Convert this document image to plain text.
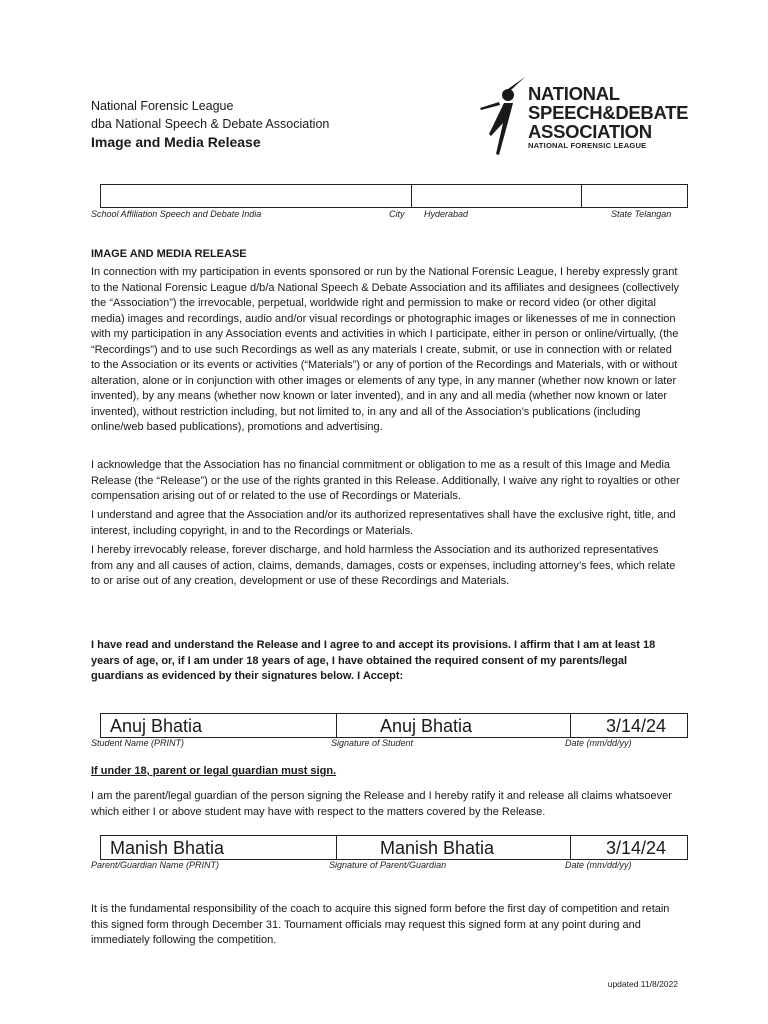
National Forensic League
dba National Speech & Debate Association
Image and Media Release
NATIONAL
SPEECH&DEBATE
ASSOCIATION
NATIONAL FORENSIC LEAGUE
School Affiliation Speech and Debate India	City Hyderabad	State Telangan
IMAGE AND MEDIA RELEASE

In connection with my participation in events sponsored or run by the National Forensic League, I hereby expressly grant to the National Forensic League d/b/a National Speech & Debate Association and its affiliates and designees (collectively the “Association”) the irrevocable, perpetual, worldwide right and permission to make or record video (or other digital media) images and recordings, audio and/or visual recordings or photographic images or likenesses of me in connection with my participation in any Association events and activities in which I participate, either in person or online/virtually, (the “Recordings”) and to use such Recordings as well as any materials I create, submit, or use in connection with or related to the Association or its events or activities (“Materials”) or any of portion of the Recordings and Materials, with or without alteration, alone or in conjunction with other images or elements of any type, in any manner (whether now known or later invented), by any means (whether now known or later invented), and in any and all media (whether now known or later invented), without restriction including, but not limited to, in any and all of the Association’s publications (including online/web based publications), promotions and advertising.

I acknowledge that the Association has no financial commitment or obligation to me as a result of this Image and Media Release (the “Release”) or the use of the rights granted in this Release. Additionally, I waive any right to royalties or other compensation arising out of or related to the use of Recordings or Materials.

I understand and agree that the Association and/or its authorized representatives shall have the exclusive right, title, and interest, including copyright, in and to the Recordings or Materials.

I hereby irrevocably release, forever discharge, and hold harmless the Association and its authorized representatives from any and all causes of action, claims, demands, damages, costs or expenses, including attorney’s fees, which relate to or arise out of any creation, development or use of these Recordings and Materials.

I have read and understand the Release and I agree to and accept its provisions. I affirm that I am at least 18 years of age, or, if I am under 18 years of age, I have obtained the required consent of my parents/legal guardians as evidenced by their signatures below. I Accept:

Anuj Bhatia	Anuj Bhatia	3/14/24
Student Name (PRINT)	Signature of Student	Date (mm/dd/yy)
If under 18, parent or legal guardian must sign.

I am the parent/legal guardian of the person signing the Release and I hereby ratify it and release all claims whatsoever which either I or above student may have with respect to the matters covered by the Release.

Manish Bhatia	Manish Bhatia	3/14/24
Parent/Guardian Name (PRINT)	Signature of Parent/Guardian	Date (mm/dd/yy)

It is the fundamental responsibility of the coach to acquire this signed form before the first day of competition and retain this signed form through December 31. Tournament officials may request this signed form at any point during and immediately following the competition.

updated 11/8/2022
